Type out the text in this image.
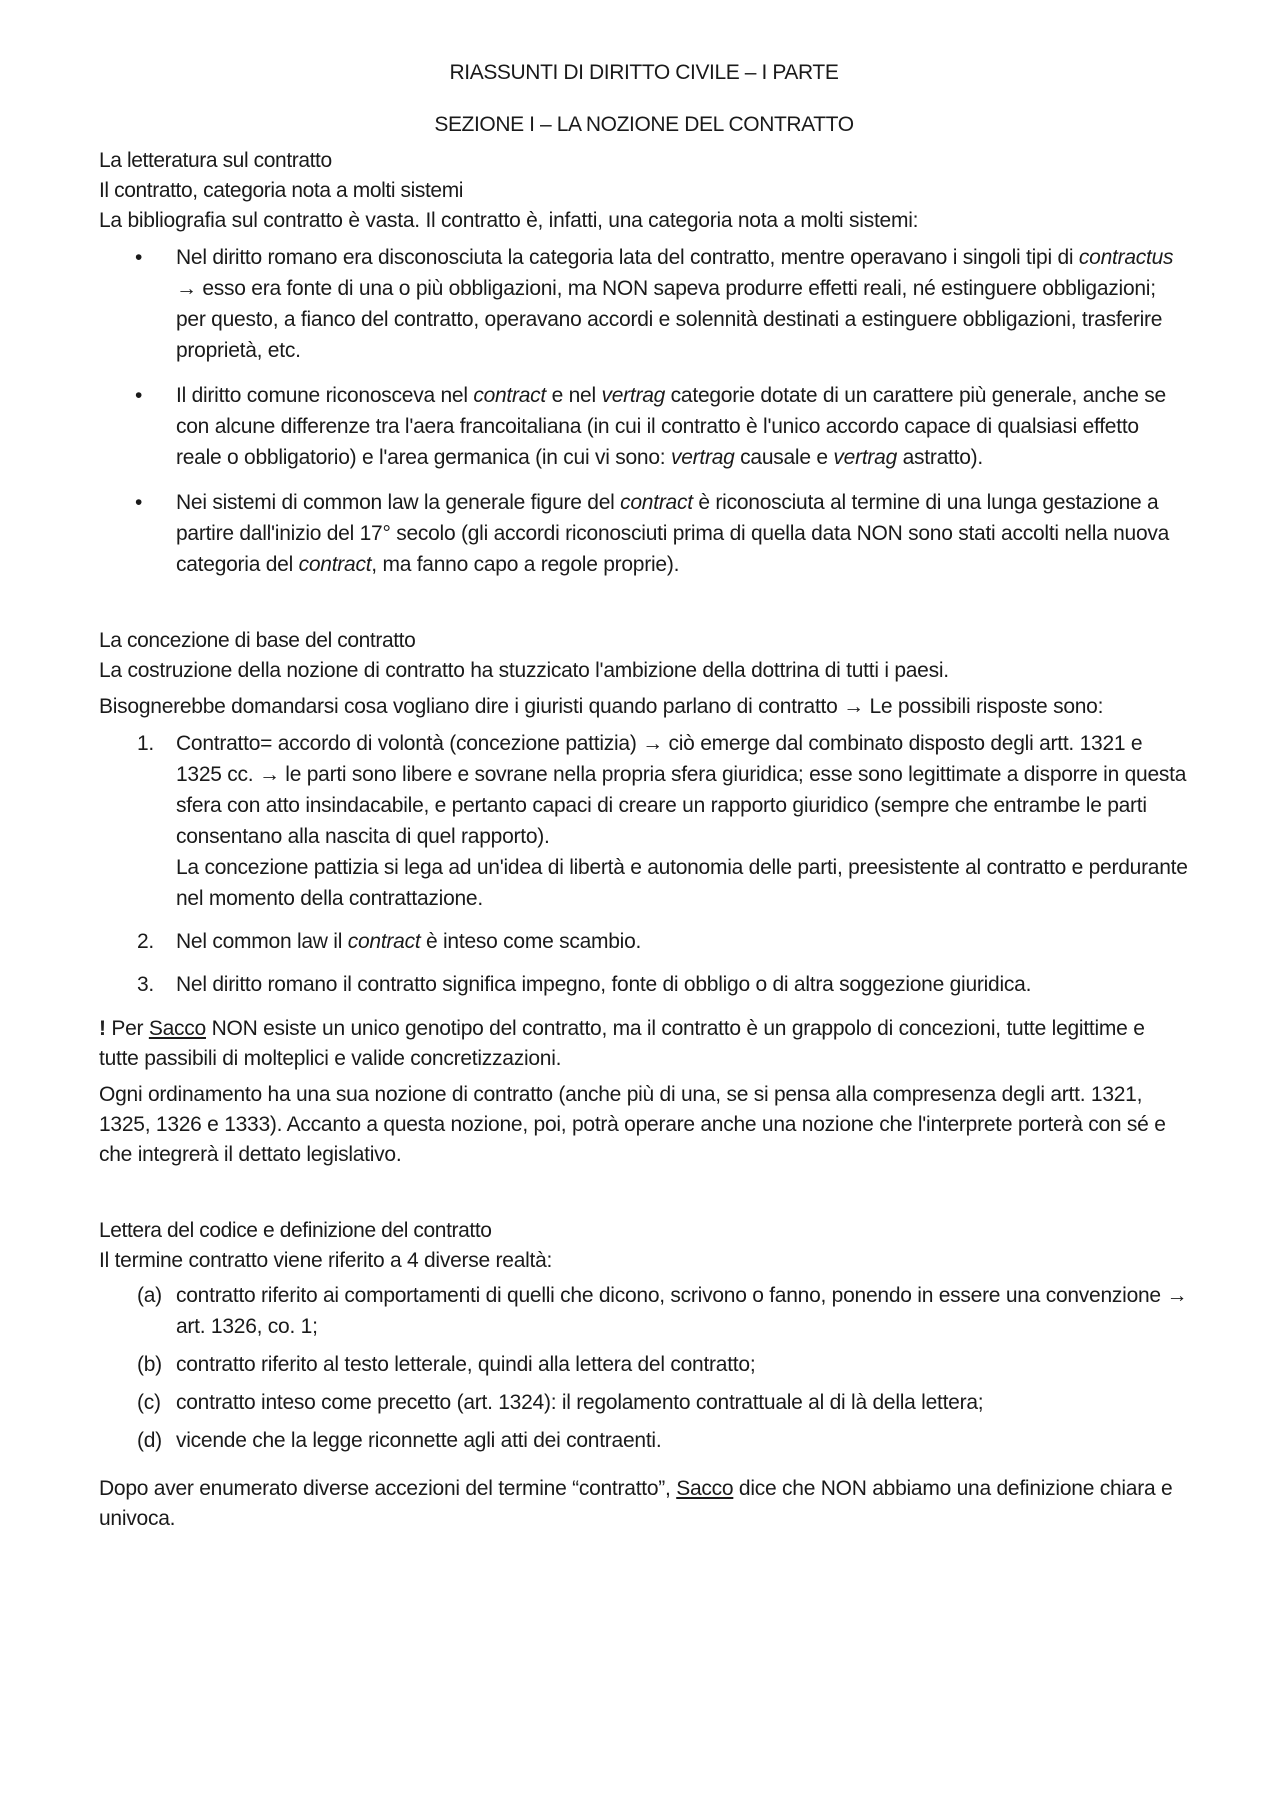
RIASSUNTI DI DIRITTO CIVILE – I PARTE
SEZIONE I – LA NOZIONE DEL CONTRATTO
La letteratura sul contratto
Il contratto, categoria nota a molti sistemi

La bibliografia sul contratto è vasta. Il contratto è, infatti, una categoria nota a molti sistemi:

• Nel diritto romano era disconosciuta la categoria lata del contratto, mentre operavano i singoli tipi di contractus → esso era fonte di una o più obbligazioni, ma NON sapeva produrre effetti reali, né estinguere obbligazioni; per questo, a fianco del contratto, operavano accordi e solennità destinati a estinguere obbligazioni, trasferire proprietà, etc.
• Il diritto comune riconosceva nel contract e nel vertrag categorie dotate di un carattere più generale, anche se con alcune differenze tra l'aera francoitaliana (in cui il contratto è l'unico accordo capace di qualsiasi effetto reale o obbligatorio) e l'area germanica (in cui vi sono: vertrag causale e vertrag astratto).
• Nei sistemi di common law la generale figure del contract è riconosciuta al termine di una lunga gestazione a partire dall'inizio del 17° secolo (gli accordi riconosciuti prima di quella data NON sono stati accolti nella nuova categoria del contract, ma fanno capo a regole proprie).
La concezione di base del contratto

La costruzione della nozione di contratto ha stuzzicato l'ambizione della dottrina di tutti i paesi.

Bisognerebbe domandarsi cosa vogliano dire i giuristi quando parlano di contratto → Le possibili risposte sono:

1. Contratto= accordo di volontà (concezione pattizia) → ciò emerge dal combinato disposto degli artt. 1321 e 1325 cc. → le parti sono libere e sovrane nella propria sfera giuridica; esse sono legittimate a disporre in questa sfera con atto insindacabile, e pertanto capaci di creare un rapporto giuridico (sempre che entrambe le parti consentano alla nascita di quel rapporto).
La concezione pattizia si lega ad un'idea di libertà e autonomia delle parti, preesistente al contratto e perdurante nel momento della contrattazione.
2. Nel common law il contract è inteso come scambio.
3. Nel diritto romano il contratto significa impegno, fonte di obbligo o di altra soggezione giuridica.

! Per Sacco NON esiste un unico genotipo del contratto, ma il contratto è un grappolo di concezioni, tutte legittime e tutte passibili di molteplici e valide concretizzazioni.

Ogni ordinamento ha una sua nozione di contratto (anche più di una, se si pensa alla compresenza degli artt. 1321, 1325, 1326 e 1333). Accanto a questa nozione, poi, potrà operare anche una nozione che l'interprete porterà con sé e che integrerà il dettato legislativo.

Lettera del codice e definizione del contratto

Il termine contratto viene riferito a 4 diverse realtà:

(a) contratto riferito ai comportamenti di quelli che dicono, scrivono o fanno, ponendo in essere una convenzione → art. 1326, co. 1;
(b) contratto riferito al testo letterale, quindi alla lettera del contratto;
(c) contratto inteso come precetto (art. 1324): il regolamento contrattuale al di là della lettera;
(d) vicende che la legge riconnette agli atti dei contraenti.

Dopo aver enumerato diverse accezioni del termine “contratto”, Sacco dice che NON abbiamo una definizione chiara e univoca.
